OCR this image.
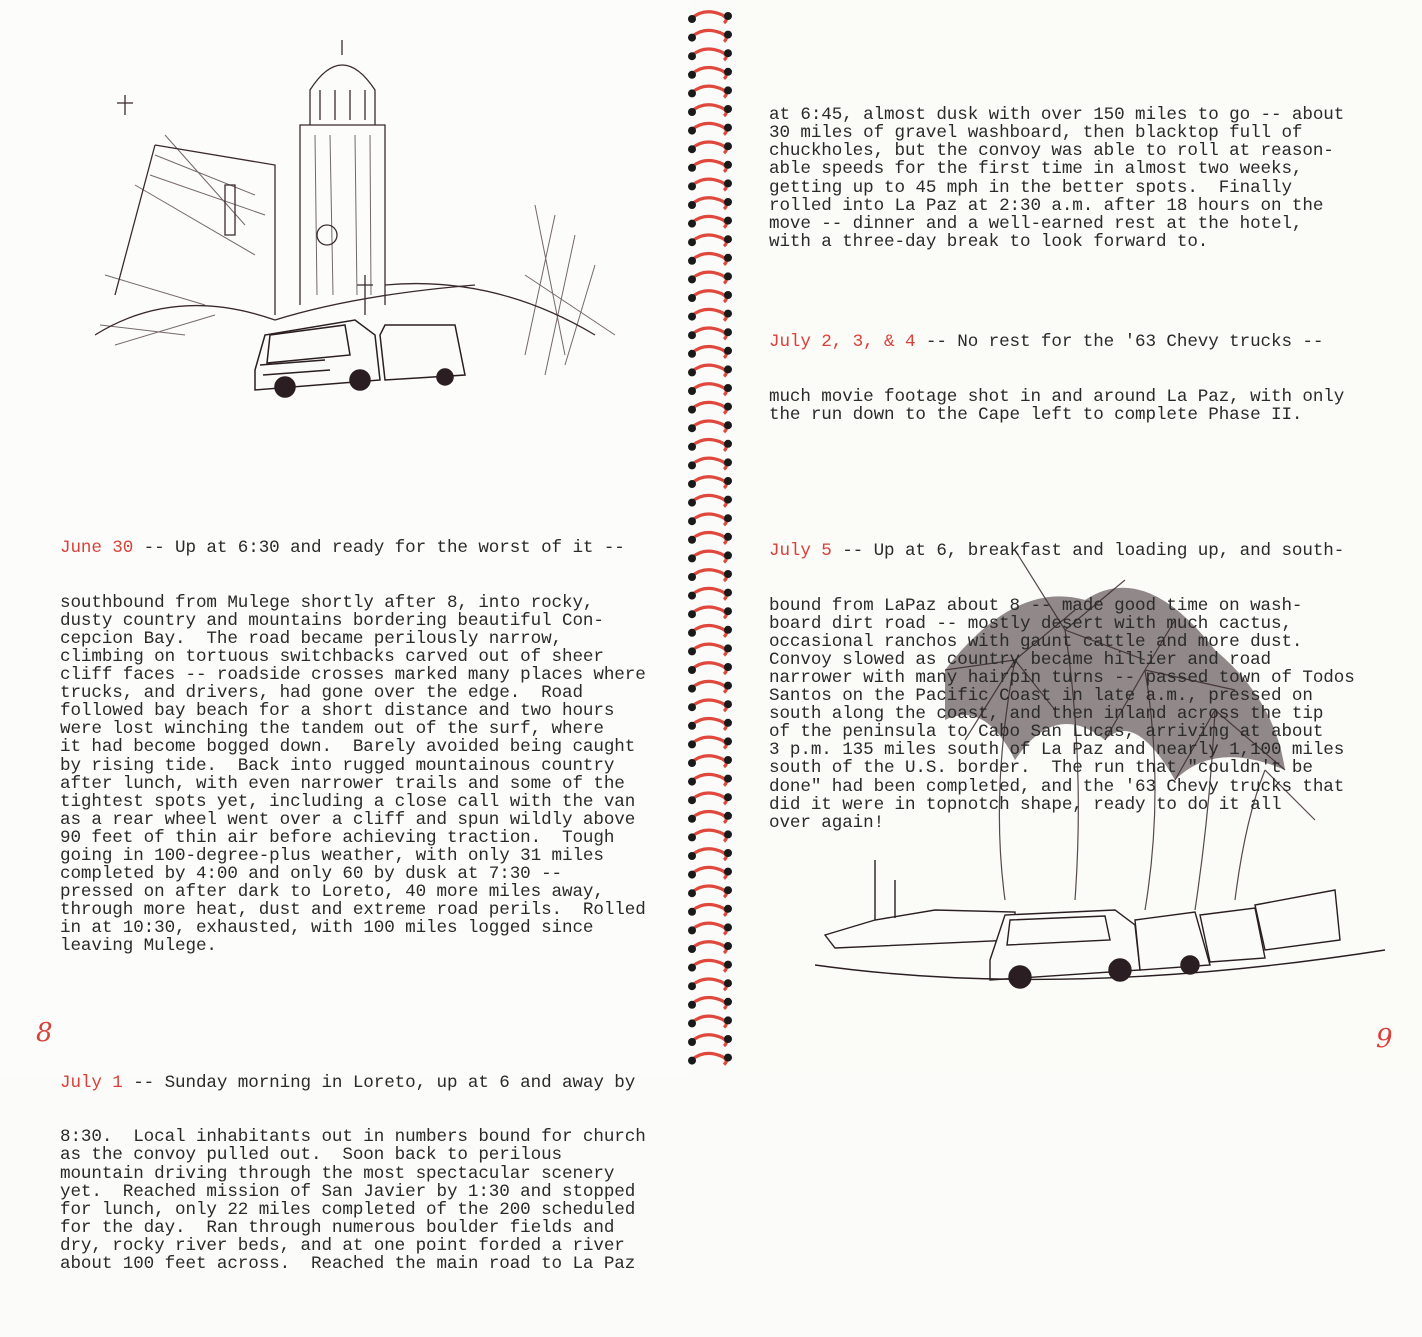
June 30 -- Up at 6:30 and ready for the worst of it --

southbound from Mulege shortly after 8, into rocky,
dusty country and mountains bordering beautiful Con-
cepcion Bay.  The road became perilously narrow,
climbing on tortuous switchbacks carved out of sheer
cliff faces -- roadside crosses marked many places where
trucks, and drivers, had gone over the edge.  Road
followed bay beach for a short distance and two hours
were lost winching the tandem out of the surf, where
it had become bogged down.  Barely avoided being caught
by rising tide.  Back into rugged mountainous country
after lunch, with even narrower trails and some of the
tightest spots yet, including a close call with the van
as a rear wheel went over a cliff and spun wildly above
90 feet of thin air before achieving traction.  Tough
going in 100-degree-plus weather, with only 31 miles
completed by 4:00 and only 60 by dusk at 7:30 --
pressed on after dark to Loreto, 40 more miles away,
through more heat, dust and extreme road perils.  Rolled
in at 10:30, exhausted, with 100 miles logged since
leaving Mulege.

July 1 -- Sunday morning in Loreto, up at 6 and away by

8:30.  Local inhabitants out in numbers bound for church
as the convoy pulled out.  Soon back to perilous
mountain driving through the most spectacular scenery
yet.  Reached mission of San Javier by 1:30 and stopped
for lunch, only 22 miles completed of the 200 scheduled
for the day.  Ran through numerous boulder fields and
dry, rocky river beds, and at one point forded a river
about 100 feet across.  Reached the main road to La Paz

at 6:45, almost dusk with over 150 miles to go -- about
30 miles of gravel washboard, then blacktop full of
chuckholes, but the convoy was able to roll at reason-
able speeds for the first time in almost two weeks,
getting up to 45 mph in the better spots.  Finally
rolled into La Paz at 2:30 a.m. after 18 hours on the
move -- dinner and a well-earned rest at the hotel,
with a three-day break to look forward to.

July 2, 3, & 4 -- No rest for the '63 Chevy trucks --

much movie footage shot in and around La Paz, with only
the run down to the Cape left to complete Phase II.

July 5 -- Up at 6, breakfast and loading up, and south-

bound from LaPaz about 8 -- made good time on wash-
board dirt road -- mostly desert with much cactus,
occasional ranchos with gaunt cattle and more dust.
Convoy slowed as country became hillier and road
narrower with many hairpin turns -- passed town of Todos
Santos on the Pacific Coast in late a.m., pressed on
south along the coast, and then inland across the tip
of the peninsula to Cabo San Lucas, arriving at about
3 p.m. 135 miles south of La Paz and nearly 1,100 miles
south of the U.S. border.  The run that "couldn't be
done" had been completed, and the '63 Chevy trucks that
did it were in topnotch shape, ready to do it all
over again!

8	9
